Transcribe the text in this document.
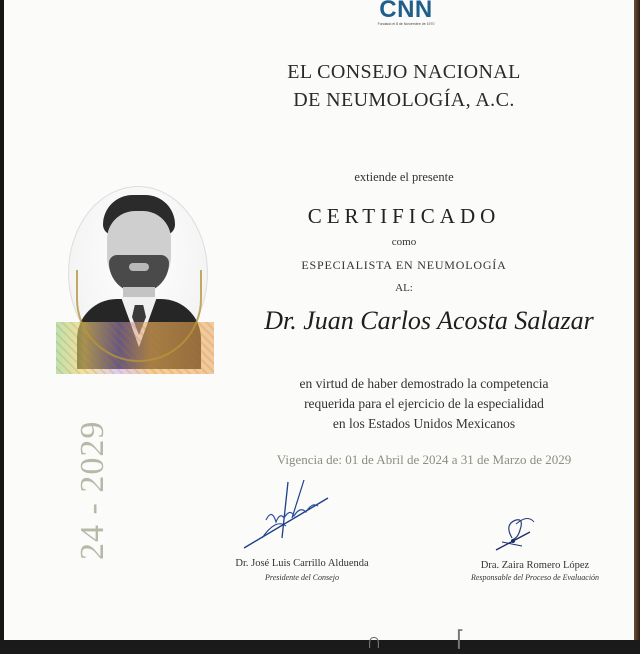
CNN
Fundado el 8 de Noviembre de 1970
EL CONSEJO NACIONAL
DE NEUMOLOGÍA, A.C.
extiende el presente
CERTIFICADO
como
ESPECIALISTA EN NEUMOLOGÍA
AL:
Dr. Juan Carlos Acosta Salazar
en virtud de haber demostrado la competencia
requerida para el ejercicio de la especialidad
en los Estados Unidos Mexicanos
Vigencia de: 01 de Abril de 2024 a 31 de Marzo de 2029
24 - 2029
Dr. José Luis Carrillo Alduenda
Presidente del Consejo
Dra. Zaira Romero López
Responsable del Proceso de Evaluación
∩	⌈
